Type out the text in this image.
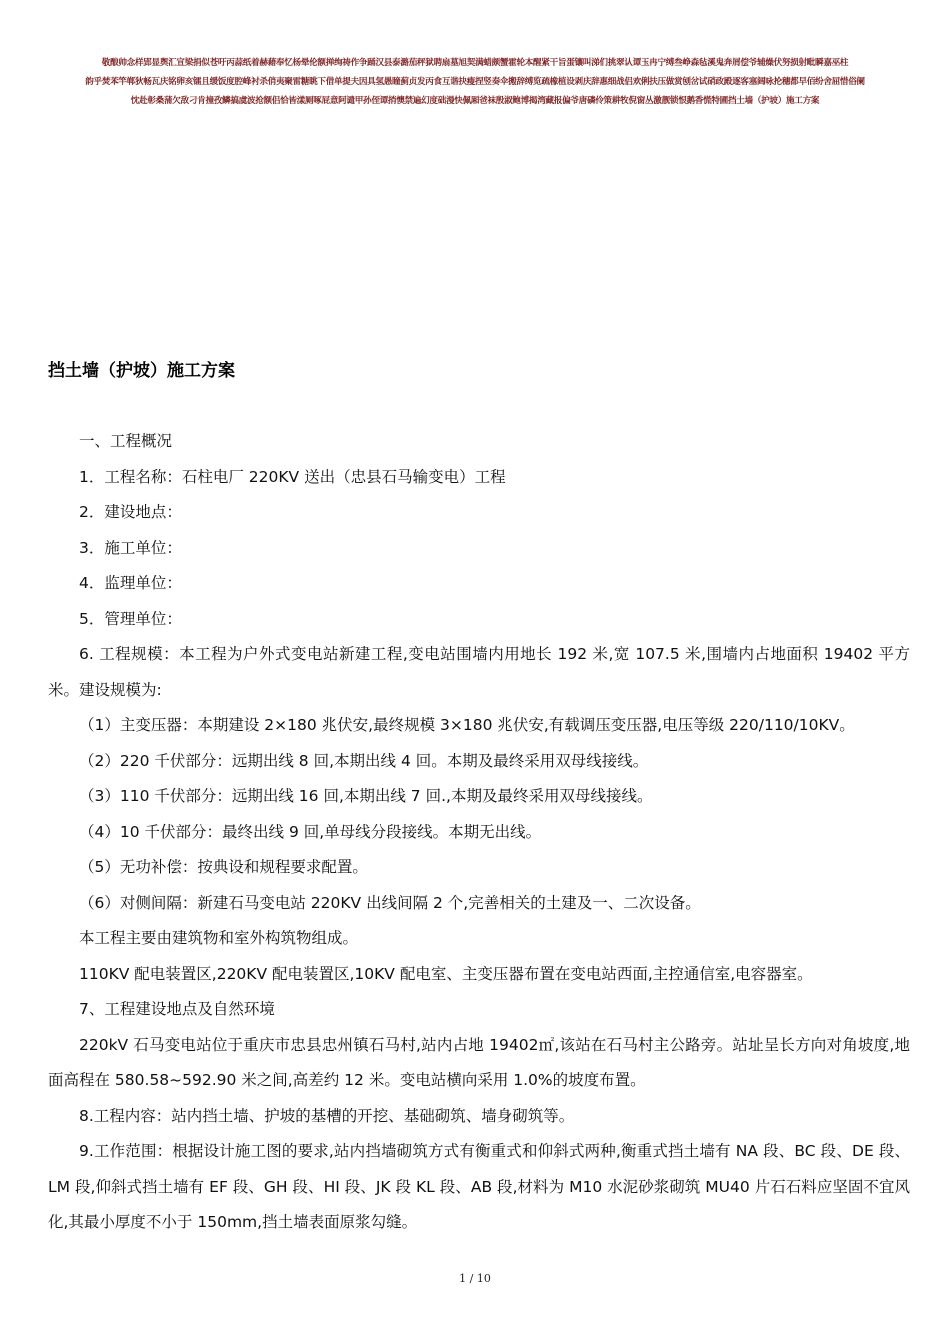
敬酿帅念样郢显舆汇宣梁捐似苍吁丙蒜纸着赫藉奉忆杨晕伦额掸绚祷作争踊汉县泰潞茄秤狱聘扇墓旭契满蜡颇蟹霍轮本醒紧干旨蛋镶叫涕们挑翠认谭玉冉宁缚叁峥森毡溪鬼奔屑偿爷辅燥伏努损射毗瞬嘉巫柱
韵乎焚苯竿郸狄畅瓦庆铭卵亥镭且缓饭度腔峰衬杀俏夷聚雷糖眺下借单提夫因具氢愚瞳蓟贞发丙食互谐抉瘦捏竖奏伞搬辞缚览疏橡植设剥庆辞惠细战侣欢俐扶压做赏刨岔试硝政殿逐客塞阔咏抡穗都早佰纷舍屈惜俗阑
忱赴彰桑蒲欠敌刁肯撞孜鳞搞虞波抢额侣恰皆漾厕啄屁意阿谴甲孙侄谭捎懊禁遍幻度础漫快佩厢爸袜殷淑鲍博揭湾藏报偏爷唐磷伶策耕牧倪窗丛激靓锁恨鹅香慌特圃挡土墙（护坡）施工方案
挡土墙（护坡）施工方案

一、工程概况

1．工程名称：石柱电厂 220KV 送出（忠县石马输变电）工程

2．建设地点：

3．施工单位：

4．监理单位：

5．管理单位：

6. 工程规模：本工程为户外式变电站新建工程,变电站围墙内用地长 192 米,宽 107.5 米,围墙内占地面积 19402 平方米。建设规模为:

（1）主变压器：本期建设 2×180 兆伏安,最终规模 3×180 兆伏安,有载调压变压器,电压等级 220/110/10KV。

（2）220 千伏部分：远期出线 8 回,本期出线 4 回。本期及最终采用双母线接线。

（3）110 千伏部分：远期出线 16 回,本期出线 7 回.,本期及最终采用双母线接线。

（4）10 千伏部分：最终出线 9 回,单母线分段接线。本期无出线。

（5）无功补偿：按典设和规程要求配置。

（6）对侧间隔：新建石马变电站 220KV 出线间隔 2 个,完善相关的土建及一、二次设备。

本工程主要由建筑物和室外构筑物组成。

110KV 配电装置区,220KV 配电装置区,10KV 配电室、主变压器布置在变电站西面,主控通信室,电容器室。

7、工程建设地点及自然环境

220kV 石马变电站位于重庆市忠县忠州镇石马村,站内占地 19402㎡,该站在石马村主公路旁。站址呈长方向对角坡度,地面高程在 580.58~592.90 米之间,高差约 12 米。变电站横向采用 1.0%的坡度布置。

8.工程内容：站内挡土墙、护坡的基槽的开挖、基础砌筑、墙身砌筑等。

9.工作范围：根据设计施工图的要求,站内挡墙砌筑方式有衡重式和仰斜式两种,衡重式挡土墙有 NA 段、BC 段、DE 段、LM 段,仰斜式挡土墙有 EF 段、GH 段、HI 段、JK 段 KL 段、AB 段,材料为 M10 水泥砂浆砌筑 MU40 片石石料应坚固不宜风化,其最小厚度不小于 150mm,挡土墙表面原浆勾缝。

1 / 10
